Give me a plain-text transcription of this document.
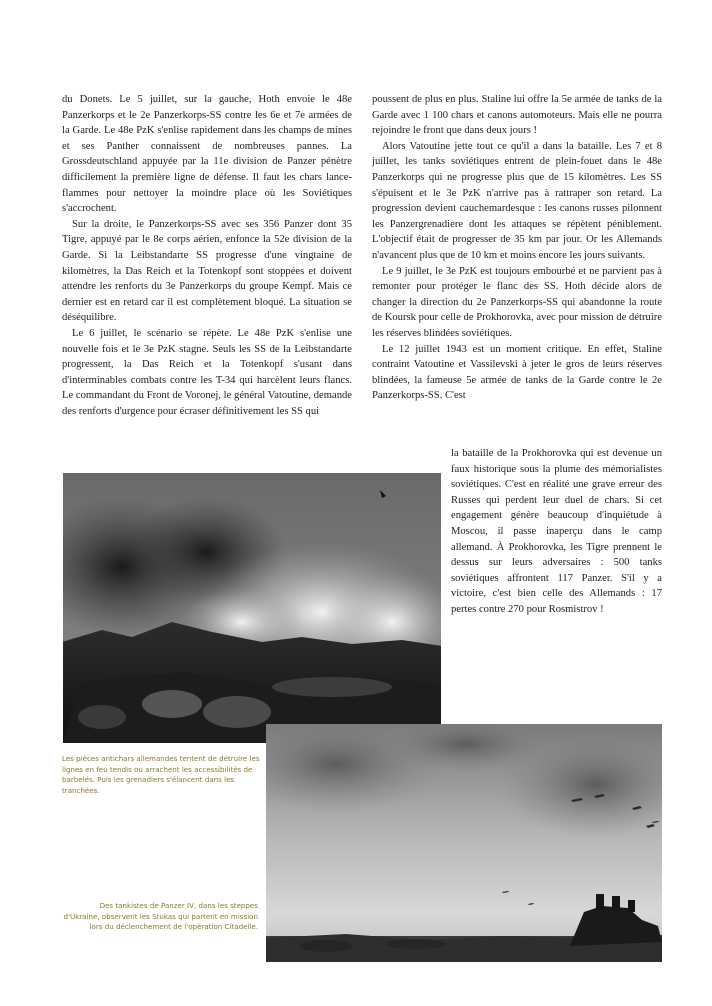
du Donets. Le 5 juillet, sur la gauche, Hoth envoie le 48e Panzerkorps et le 2e Panzerkorps-SS contre les 6e et 7e armées de la Garde. Le 48e PzK s'enlise rapidement dans les champs de mines et ses Panther connaissent de nombreuses pannes. La Grossdeutschland appuyée par la 11e division de Panzer pénètre difficilement la première ligne de défense. Il faut les chars lance-flammes pour nettoyer la moindre place où les Soviétiques s'accrochent.

Sur la droite, le Panzerkorps-SS avec ses 356 Panzer dont 35 Tigre, appuyé par le 8e corps aérien, enfonce la 52e division de la Garde. Si la Leibstandarte SS progresse d'une vingtaine de kilomètres, la Das Reich et la Totenkopf sont stoppées et doivent attendre les renforts du 3e Panzerkorps du groupe Kempf. Mais ce dernier est en retard car il est complètement bloqué. La situation se déséquilibre.

Le 6 juillet, le scénario se répète. Le 48e PzK s'enlise une nouvelle fois et le 3e PzK stagne. Seuls les SS de la Leibstandarte progressent, la Das Reich et la Totenkopf s'usant dans d'interminables combats contre les T-34 qui harcèlent leurs flancs. Le commandant du Front de Voronej, le général Vatoutine, demande des renforts d'urgence pour écraser définitivement les SS qui

poussent de plus en plus. Staline lui offre la 5e armée de tanks de la Garde avec 1 100 chars et canons automoteurs. Mais elle ne pourra rejoindre le front que dans deux jours !

Alors Vatoutine jette tout ce qu'il a dans la bataille. Les 7 et 8 juillet, les tanks soviétiques entrent de plein-fouet dans le 48e Panzerkorps qui ne progresse plus que de 15 kilomètres. Les SS s'épuisent et le 3e PzK n'arrive pas à rattraper son retard. La progression devient cauchemardesque : les canons russes pilonnent les Panzergrenadiere dont les attaques se répètent péniblement. L'objectif était de progresser de 35 km par jour. Or les Allemands n'avancent plus que de 10 km et moins encore les jours suivants.

Le 9 juillet, le 3e PzK est toujours embourbé et ne parvient pas à remonter pour protéger le flanc des SS. Hoth décide alors de changer la direction du 2e Panzerkorps-SS qui abandonne la route de Koursk pour celle de Prokhorovka, avec pour mission de détruire les réserves blindées soviétiques.

Le 12 juillet 1943 est un moment critique. En effet, Staline contraint Vatoutine et Vassilevski à jeter le gros de leurs réserves blindées, la fameuse 5e armée de tanks de la Garde contre le 2e Panzerkorps-SS. C'est

la bataille de la Prokhorovka qui est devenue un faux historique sous la plume des mémorialistes soviétiques. C'est en réalité une grave erreur des Russes qui perdent leur duel de chars. Si cet engagement génère beaucoup d'inquiétude à Moscou, il passe inaperçu dans le camp allemand. À Prokhorovka, les Tigre prennent le dessus sur leurs adversaires : 500 tanks soviétiques affrontent 117 Panzer. S'il y a victoire, c'est bien celle des Allemands : 17 pertes contre 270 pour Rosmistrov !

Les pièces antichars allemandes tentent de détruire les lignes en feu tendis ou arrachent les accessibilités de barbelés. Puis les grenadiers s'élancent dans les tranchées.
Des tankistes de Panzer IV, dans les steppes d'Ukraine, observent les Stukas qui partent en mission lors du déclenchement de l'opération Citadelle.
